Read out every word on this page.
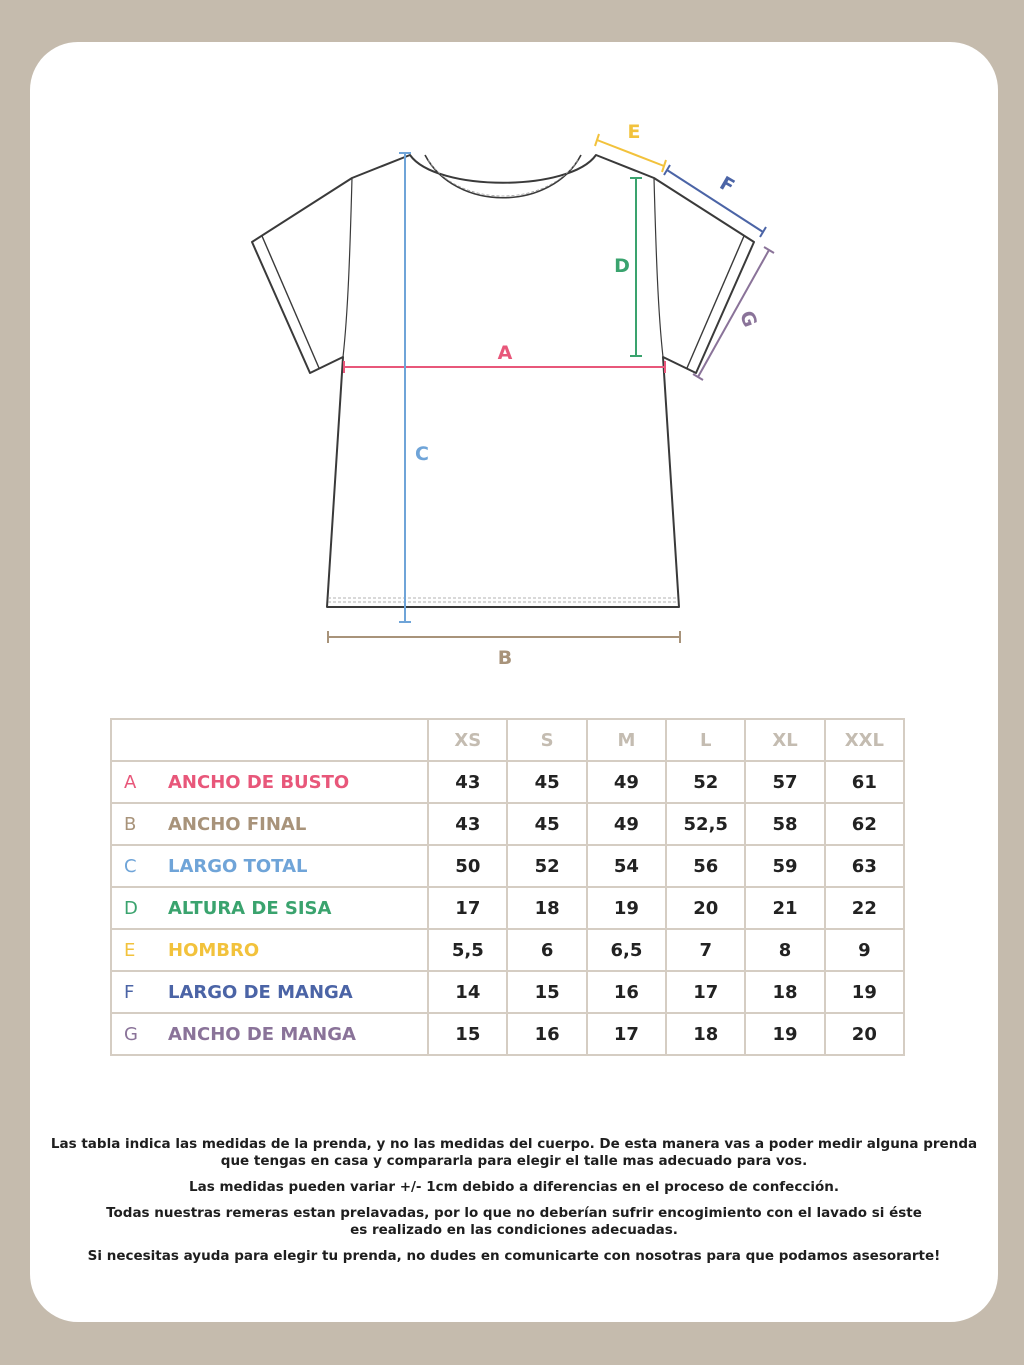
A
B
C
D
E
F
G
	XS	S	M	L	XL	XXL
A ANCHO DE BUSTO	43	45	49	52	57	61
B ANCHO FINAL	43	45	49	52,5	58	62
C LARGO TOTAL	50	52	54	56	59	63
D ALTURA DE SISA	17	18	19	20	21	22
E HOMBRO	5,5	6	6,5	7	8	9
F LARGO DE MANGA	14	15	16	17	18	19
G ANCHO DE MANGA	15	16	17	18	19	20

Las tabla indica las medidas de la prenda, y no las medidas del cuerpo. De esta manera vas a poder medir alguna prenda
que tengas en casa y compararla para elegir el talle mas adecuado para vos.

Las medidas pueden variar +/- 1cm debido a diferencias en el proceso de confección.

Todas nuestras remeras estan prelavadas, por lo que no deberían sufrir encogimiento con el lavado si éste
es realizado en las condiciones adecuadas.

Si necesitas ayuda para elegir tu prenda, no dudes en comunicarte con nosotras para que podamos asesorarte!
